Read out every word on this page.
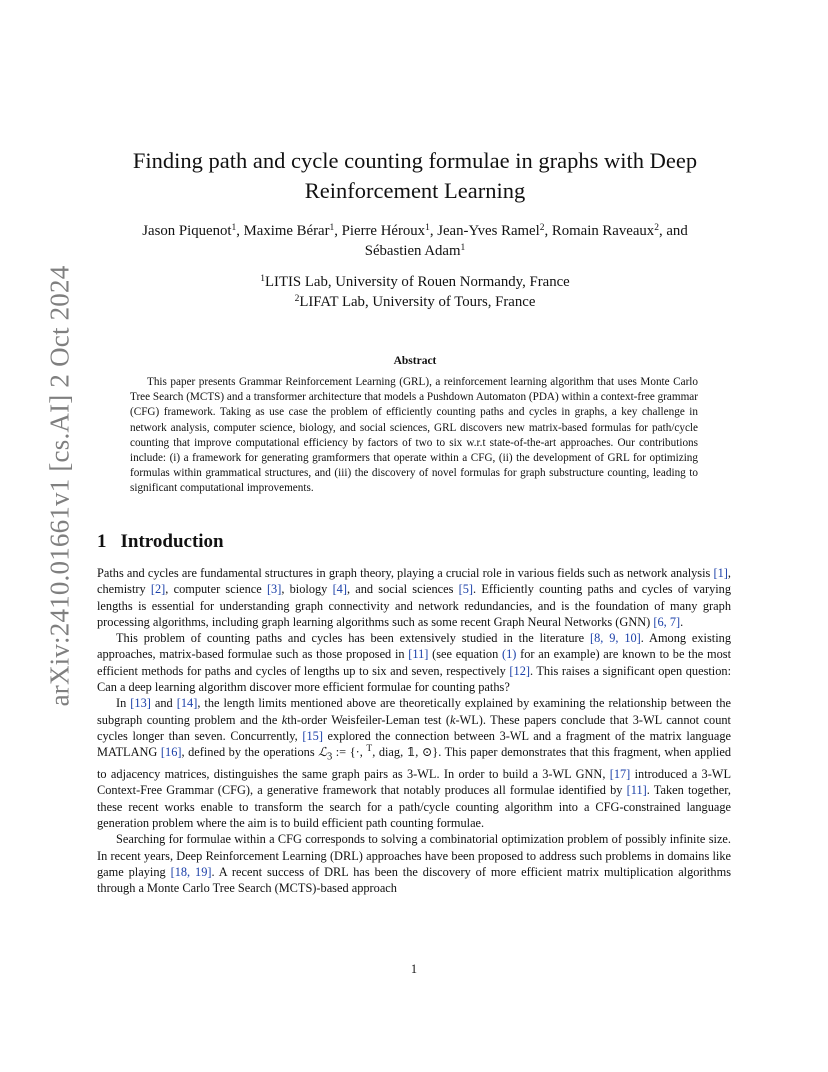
arXiv:2410.01661v1 [cs.AI] 2 Oct 2024
Finding path and cycle counting formulae in graphs with Deep Reinforcement Learning
Jason Piquenot$^1$, Maxime Bérar$^1$, Pierre Héroux$^1$, Jean-Yves Ramel$^2$, Romain Raveaux$^2$, and Sébastien Adam$^1$
$^1$LITIS Lab, University of Rouen Normandy, France
$^2$LIFAT Lab, University of Tours, France
Abstract

This paper presents Grammar Reinforcement Learning (GRL), a reinforcement learning algorithm that uses Monte Carlo Tree Search (MCTS) and a transformer architecture that models a Pushdown Automaton (PDA) within a context-free grammar (CFG) framework. Taking as use case the problem of efficiently counting paths and cycles in graphs, a key challenge in network analysis, computer science, biology, and social sciences, GRL discovers new matrix-based formulas for path/cycle counting that improve computational efficiency by factors of two to six w.r.t state-of-the-art approaches. Our contributions include: (i) a framework for generating gramformers that operate within a CFG, (ii) the development of GRL for optimizing formulas within grammatical structures, and (iii) the discovery of novel formulas for graph substructure counting, leading to significant computational improvements.

1 Introduction

Paths and cycles are fundamental structures in graph theory, playing a crucial role in various fields such as network analysis [1], chemistry [2], computer science [3], biology [4], and social sciences [5]. Efficiently counting paths and cycles of varying lengths is essential for understanding graph connectivity and network redundancies, and is the foundation of many graph processing algorithms, including graph learning algorithms such as some recent Graph Neural Networks (GNN) [6, 7].

This problem of counting paths and cycles has been extensively studied in the literature [8, 9, 10]. Among existing approaches, matrix-based formulae such as those proposed in [11] (see equation (1) for an example) are known to be the most efficient methods for paths and cycles of lengths up to six and seven, respectively [12]. This raises a significant open question: Can a deep learning algorithm discover more efficient formulae for counting paths?

In [13] and [14], the length limits mentioned above are theoretically explained by examining the relationship between the subgraph counting problem and the kth-order Weisfeiler-Leman test (k-WL). These papers conclude that 3-WL cannot count cycles longer than seven. Concurrently, [15] explored the connection between 3-WL and a fragment of the matrix language MATLANG [16], defined by the operations ℒ$_3$ := {·, $^T$, diag, 𝟙, ⊙}. This paper demonstrates that this fragment, when applied to adjacency matrices, distinguishes the same graph pairs as 3-WL. In order to build a 3-WL GNN, [17] introduced a 3-WL Context-Free Grammar (CFG), a generative framework that notably produces all formulae identified by [11]. Taken together, these recent works enable to transform the search for a path/cycle counting algorithm into a CFG-constrained language generation problem where the aim is to build efficient path counting formulae.

Searching for formulae within a CFG corresponds to solving a combinatorial optimization problem of possibly infinite size. In recent years, Deep Reinforcement Learning (DRL) approaches have been proposed to address such problems in domains like game playing [18, 19]. A recent success of DRL has been the discovery of more efficient matrix multiplication algorithms through a Monte Carlo Tree Search (MCTS)-based approach

1
